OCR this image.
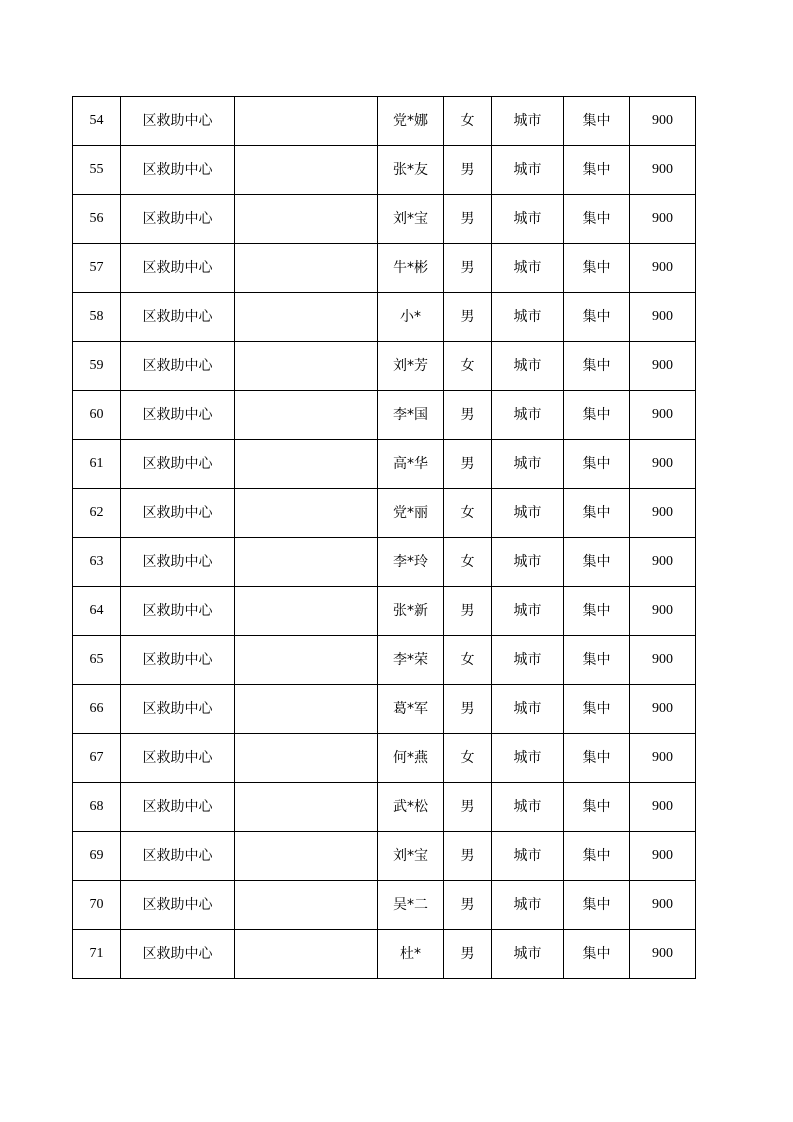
54	区救助中心		党*娜	女	城市	集中	900
55	区救助中心		张*友	男	城市	集中	900
56	区救助中心		刘*宝	男	城市	集中	900
57	区救助中心		牛*彬	男	城市	集中	900
58	区救助中心		小*	男	城市	集中	900
59	区救助中心		刘*芳	女	城市	集中	900
60	区救助中心		李*国	男	城市	集中	900
61	区救助中心		高*华	男	城市	集中	900
62	区救助中心		党*丽	女	城市	集中	900
63	区救助中心		李*玲	女	城市	集中	900
64	区救助中心		张*新	男	城市	集中	900
65	区救助中心		李*荣	女	城市	集中	900
66	区救助中心		葛*军	男	城市	集中	900
67	区救助中心		何*燕	女	城市	集中	900
68	区救助中心		武*松	男	城市	集中	900
69	区救助中心		刘*宝	男	城市	集中	900
70	区救助中心		吴*二	男	城市	集中	900
71	区救助中心		杜*	男	城市	集中	900
